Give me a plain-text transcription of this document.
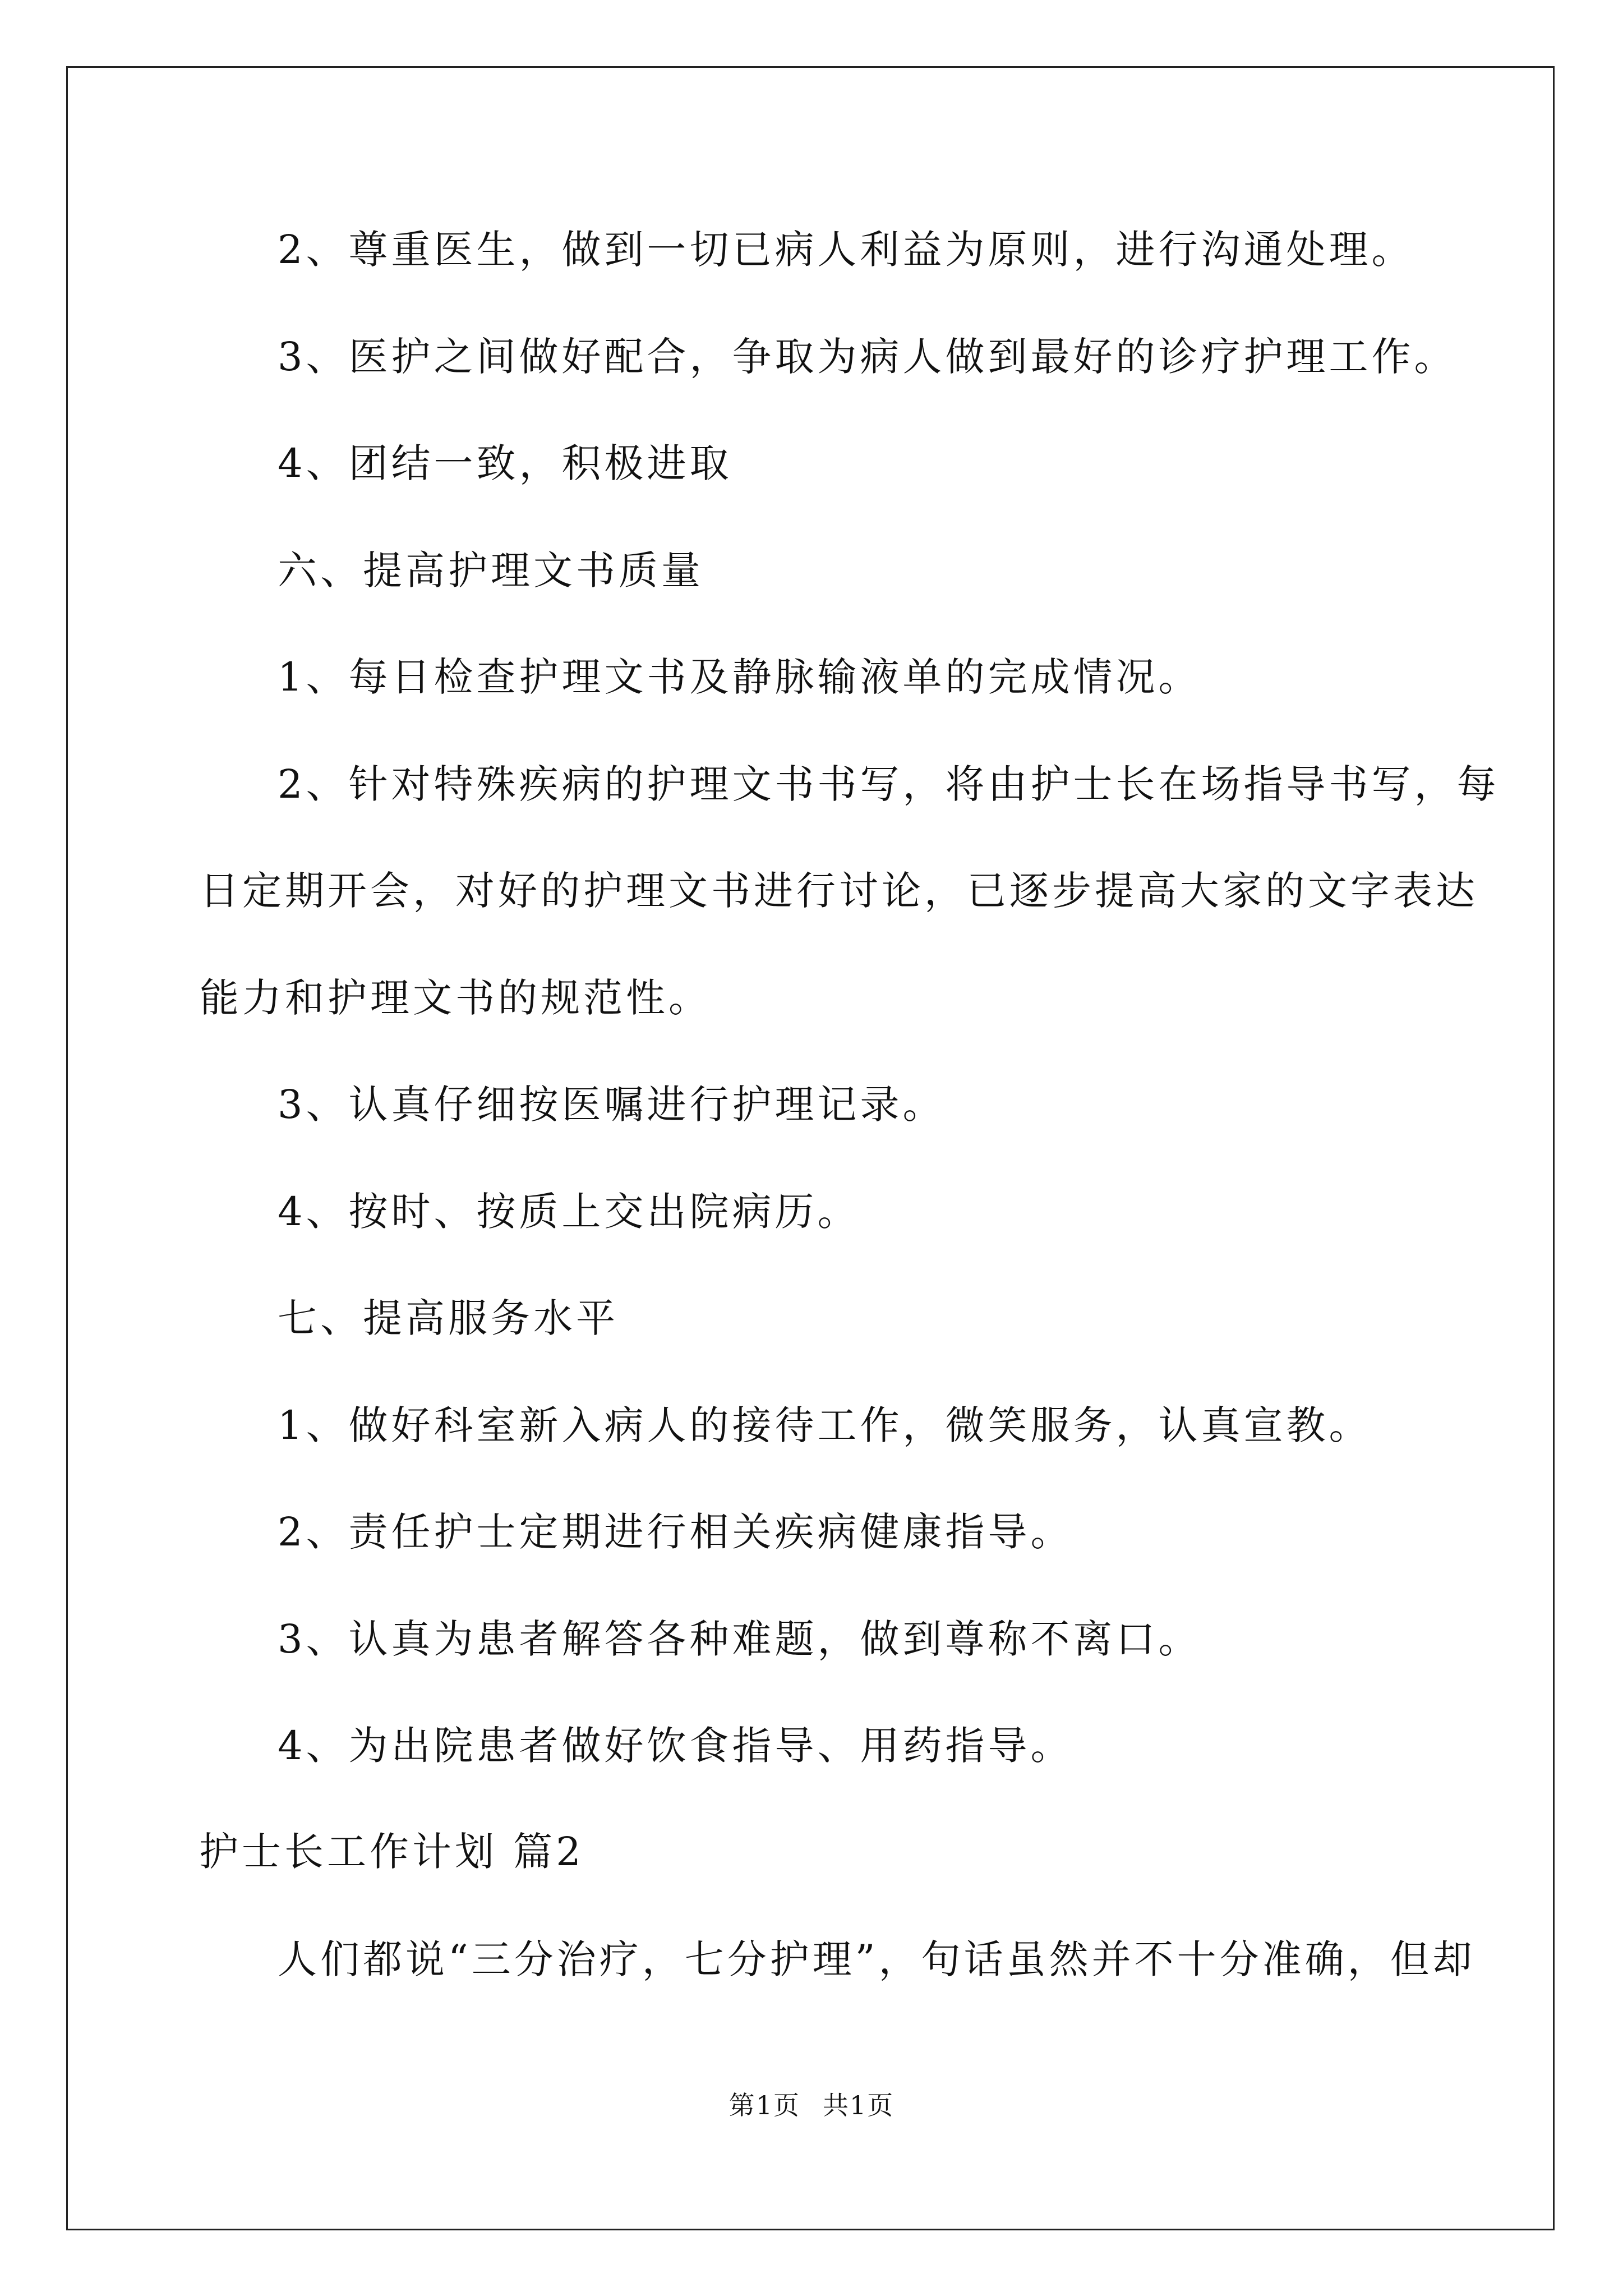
2、尊重医生，做到一切已病人利益为原则，进行沟通处理。
3、医护之间做好配合，争取为病人做到最好的诊疗护理工作。
4、团结一致，积极进取
六、提高护理文书质量
1、每日检查护理文书及静脉输液单的完成情况。
2、针对特殊疾病的护理文书书写，将由护士长在场指导书写，每
日定期开会，对好的护理文书进行讨论，已逐步提高大家的文字表达
能力和护理文书的规范性。
3、认真仔细按医嘱进行护理记录。
4、按时、按质上交出院病历。
七、提高服务水平
1、做好科室新入病人的接待工作，微笑服务，认真宣教。
2、责任护士定期进行相关疾病健康指导。
3、认真为患者解答各种难题，做到尊称不离口。
4、为出院患者做好饮食指导、用药指导。
护士长工作计划 篇2
人们都说“三分治疗，七分护理”，句话虽然并不十分准确，但却
第1页 共1页
